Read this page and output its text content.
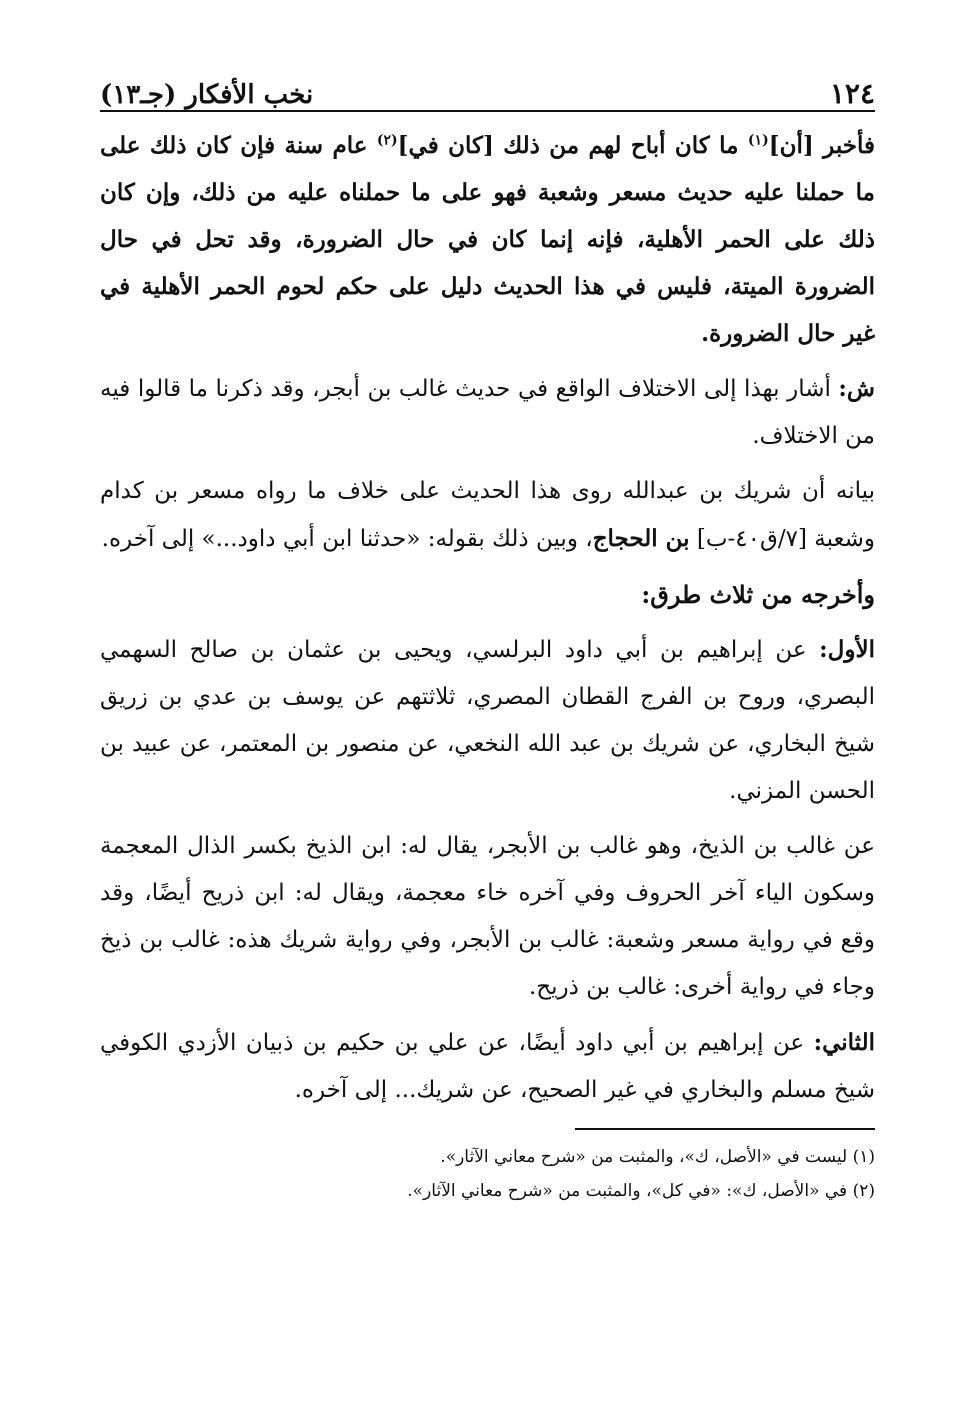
١٢٤
نخب الأفكار (جـ١٣)

فأخبر [أن]$^{(١)}$ ما كان أباح لهم من ذلك [كان في]$^{(٢)}$ عام سنة فإن كان ذلك على ما حملنا عليه حديث مسعر وشعبة فهو على ما حملناه عليه من ذلك، وإن كان ذلك على الحمر الأهلية، فإنه إنما كان في حال الضرورة، وقد تحل في حال الضرورة الميتة، فليس في هذا الحديث دليل على حكم لحوم الحمر الأهلية في غير حال الضرورة.

ش: أشار بهذا إلى الاختلاف الواقع في حديث غالب بن أبجر، وقد ذكرنا ما قالوا فيه من الاختلاف.

بيانه أن شريك بن عبدالله روى هذا الحديث على خلاف ما رواه مسعر بن كدام وشعبة [٧/ق٤٠-ب] بن الحجاج، وبين ذلك بقوله: «حدثنا ابن أبي داود...» إلى آخره.

وأخرجه من ثلاث طرق:

الأول: عن إبراهيم بن أبي داود البرلسي، ويحيى بن عثمان بن صالح السهمي البصري، وروح بن الفرج القطان المصري، ثلاثتهم عن يوسف بن عدي بن زريق شيخ البخاري، عن شريك بن عبد الله النخعي، عن منصور بن المعتمر، عن عبيد بن الحسن المزني.

عن غالب بن الذيخ، وهو غالب بن الأبجر، يقال له: ابن الذيخ بكسر الذال المعجمة وسكون الياء آخر الحروف وفي آخره خاء معجمة، ويقال له: ابن ذريح أيضًا، وقد وقع في رواية مسعر وشعبة: غالب بن الأبجر، وفي رواية شريك هذه: غالب بن ذيخ وجاء في رواية أخرى: غالب بن ذريح.

الثاني: عن إبراهيم بن أبي داود أيضًا، عن علي بن حكيم بن ذبيان الأزدي الكوفي شيخ مسلم والبخاري في غير الصحيح، عن شريك... إلى آخره.

(١) ليست في «الأصل، ك»، والمثبت من «شرح معاني الآثار».

(٢) في «الأصل، ك»: «في كل»، والمثبت من «شرح معاني الآثار».
